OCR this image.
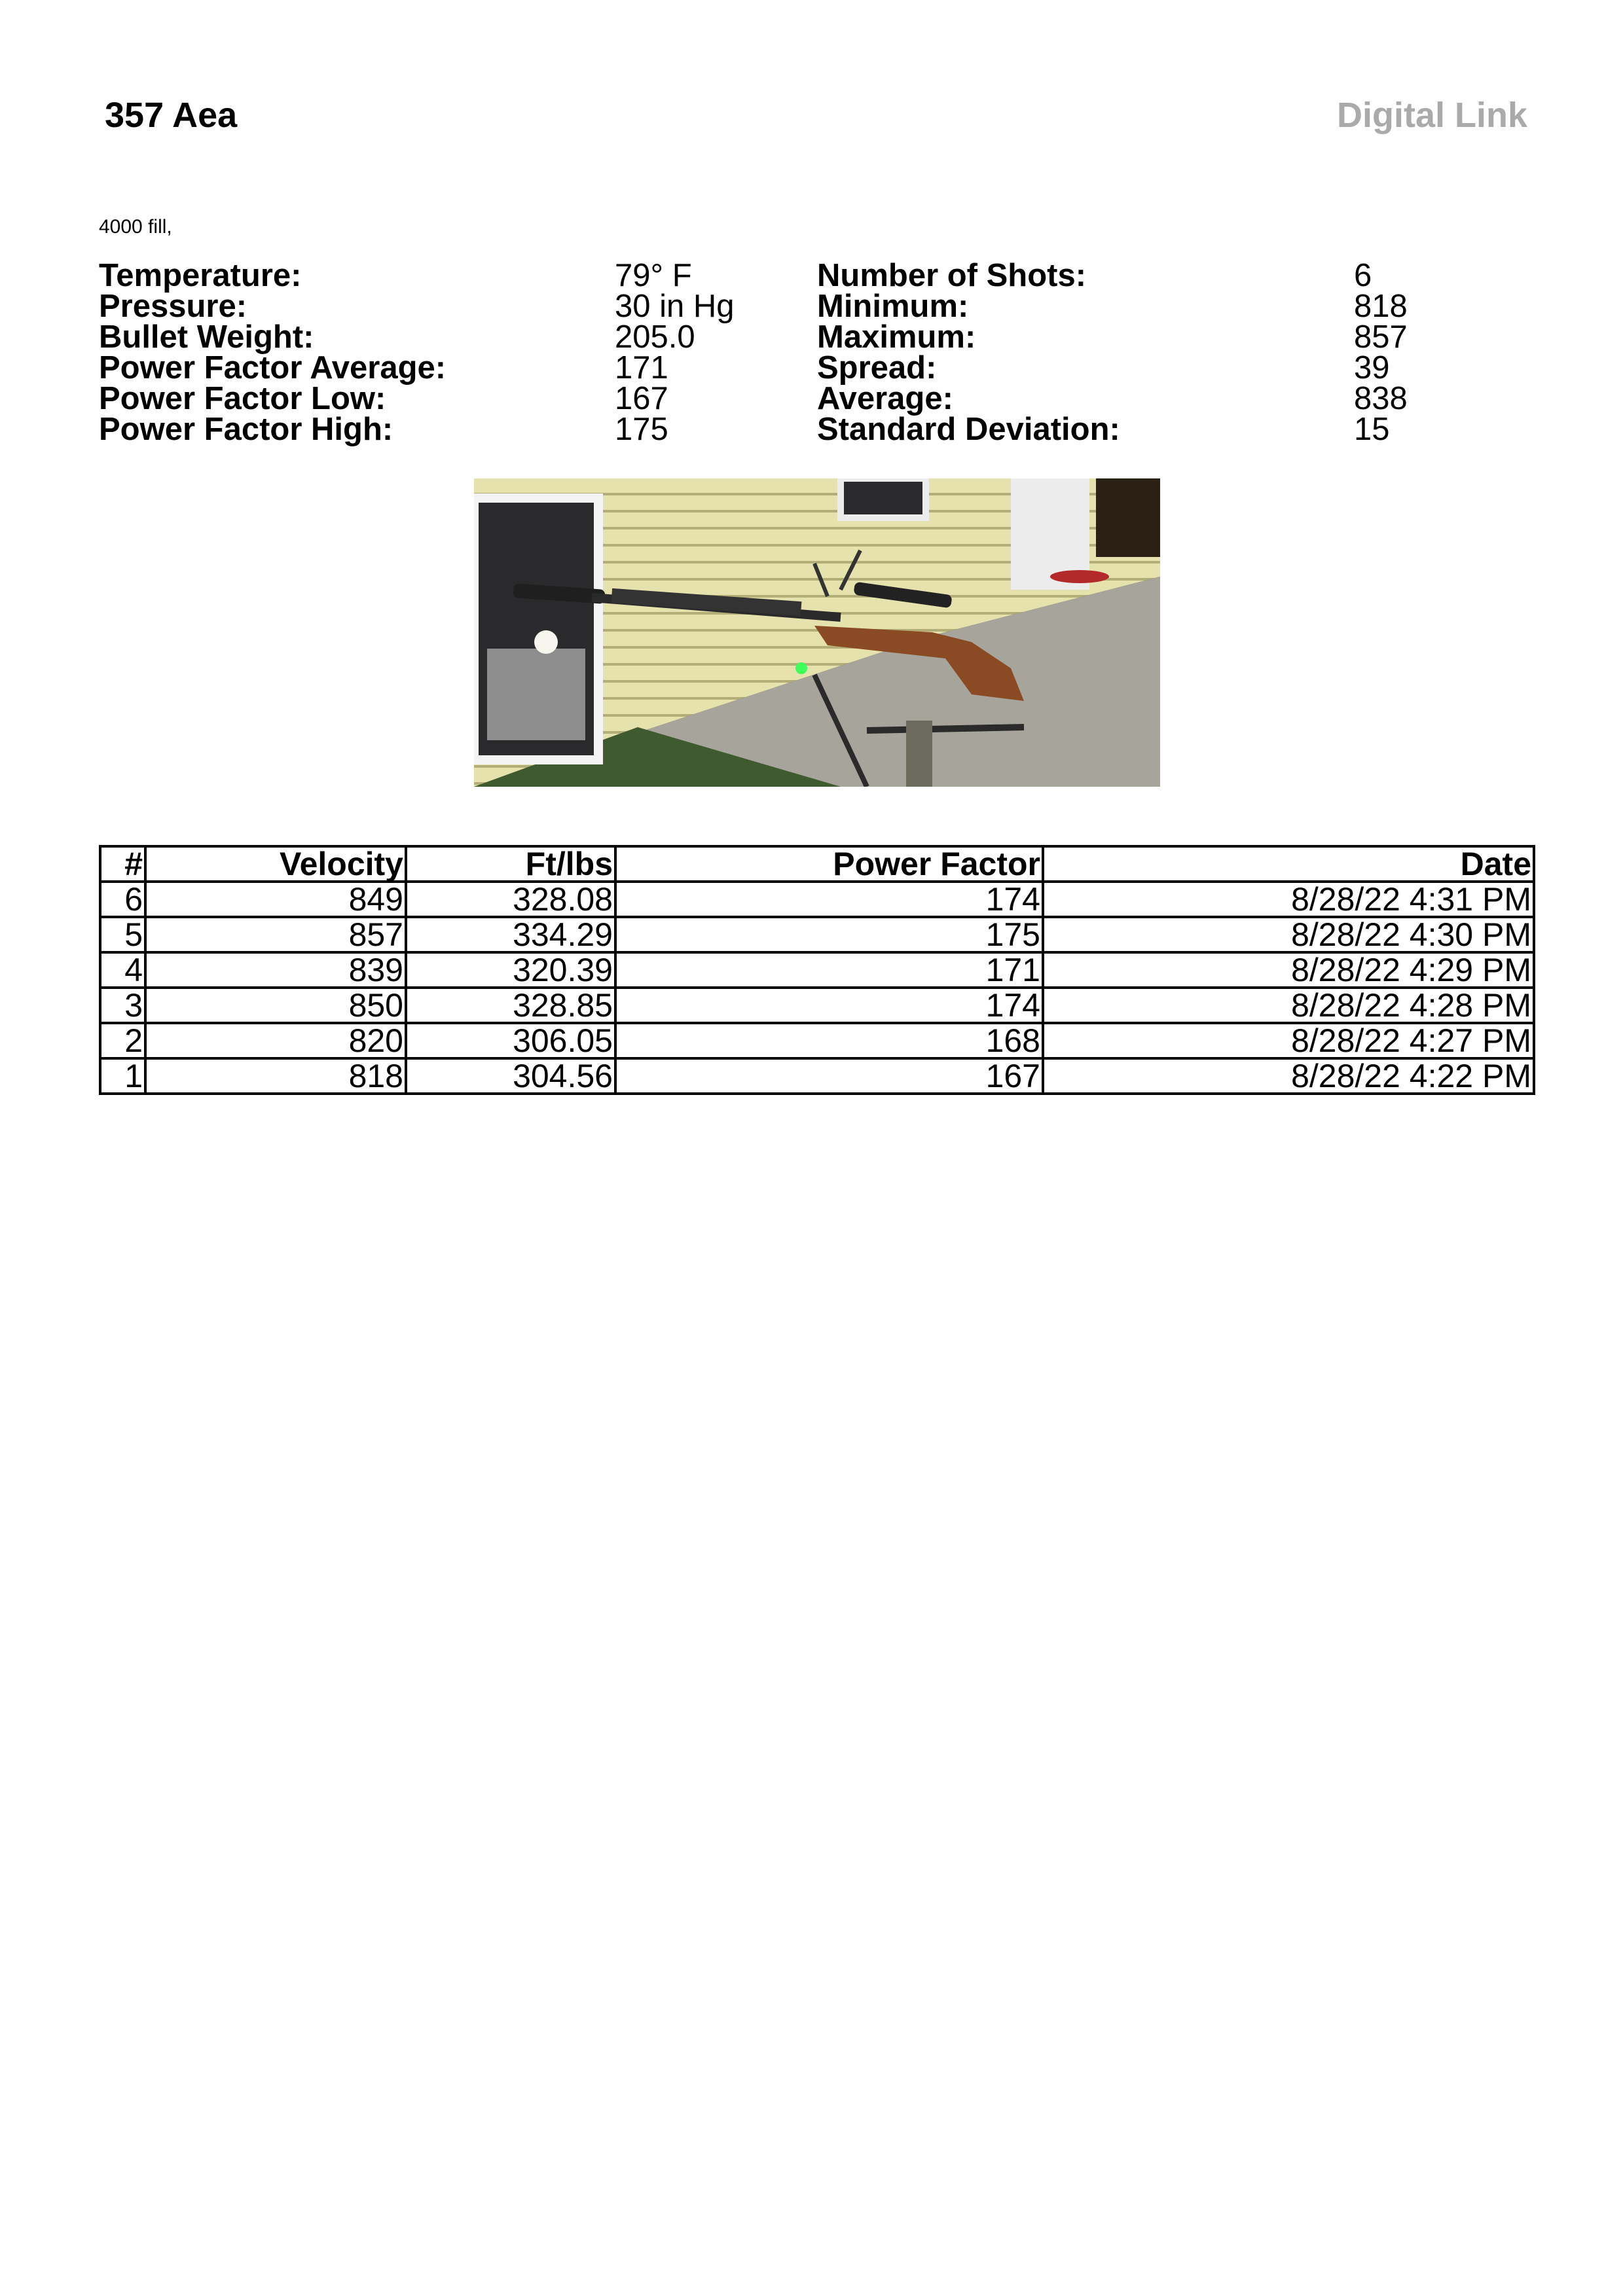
357 Aea	Digital Link
4000 fill,
Temperature:	79° F
Pressure:	30 in Hg
Bullet Weight:	205.0
Power Factor Average:	171
Power Factor Low:	167
Power Factor High:	175
Number of Shots:	6
Minimum:	818
Maximum:	857
Spread:	39
Average:	838
Standard Deviation:	15
#	Velocity	Ft/lbs	Power Factor	Date
6	849	328.08	174	8/28/22 4:31 PM
5	857	334.29	175	8/28/22 4:30 PM
4	839	320.39	171	8/28/22 4:29 PM
3	850	328.85	174	8/28/22 4:28 PM
2	820	306.05	168	8/28/22 4:27 PM
1	818	304.56	167	8/28/22 4:22 PM
